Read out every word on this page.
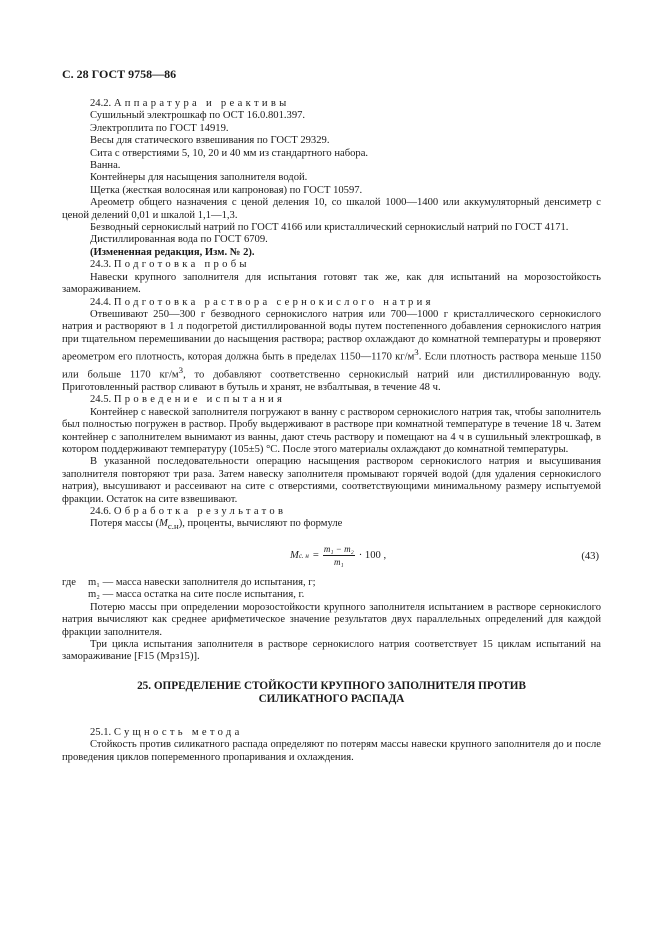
С. 28 ГОСТ 9758—86

24.2. Аппаратура и реактивы

Сушильный электрошкаф по ОСТ 16.0.801.397.

Электроплита по ГОСТ 14919.

Весы для статического взвешивания по ГОСТ 29329.

Сита с отверстиями 5, 10, 20 и 40 мм из стандартного набора.

Ванна.

Контейнеры для насыщения заполнителя водой.

Щетка (жесткая волосяная или капроновая) по ГОСТ 10597.

Ареометр общего назначения с ценой деления 10, со шкалой 1000—1400 или аккумуляторный денсиметр с ценой делений 0,01 и шкалой 1,1—1,3.

Безводный сернокислый натрий по ГОСТ 4166 или кристаллический сернокислый натрий по ГОСТ 4171.

Дистиллированная вода по ГОСТ 6709.

(Измененная редакция, Изм. № 2).

24.3. Подготовка пробы

Навески крупного заполнителя для испытания готовят так же, как для испытаний на морозостойкость замораживанием.

24.4. Подготовка раствора сернокислого натрия

Отвешивают 250—300 г безводного сернокислого натрия или 700—1000 г кристаллического сернокислого натрия и растворяют в 1 л подогретой дистиллированной воды путем постепенного добавления сернокислого натрия при тщательном перемешивании до насыщения раствора; раствор охлаждают до комнатной температуры и проверяют ареометром его плотность, которая должна быть в пределах 1150—1170 $кг/м^3$. Если плотность раствора меньше 1150 или больше 1170 $кг/м^3$, то добавляют соответственно сернокислый натрий или дистиллированную воду. Приготовленный раствор сливают в бутыль и хранят, не взбалтывая, в течение 48 ч.

24.5. Проведение испытания

Контейнер с навеской заполнителя погружают в ванну с раствором сернокислого натрия так, чтобы заполнитель был полностью погружен в раствор. Пробу выдерживают в растворе при комнатной температуре в течение 18 ч. Затем контейнер с заполнителем вынимают из ванны, дают стечь раствору и помещают на 4 ч в сушильный электрошкаф, в котором поддерживают температуру (105±5) °С. После этого материалы охлаждают до комнатной температуры.

В указанной последовательности операцию насыщения раствором сернокислого натрия и высушивания заполнителя повторяют три раза. Затем навеску заполнителя промывают горячей водой (для удаления сернокислого натрия), высушивают и рассеивают на сите с отверстиями, соответствующими минимальному размеру испытуемой фракции. Остаток на сите взвешивают.

24.6. Обработка результатов

Потеря массы $(M_{с.н})$, проценты, вычисляют по формуле

M с. $н = \frac{\text{m₁ − m₂}}{\text{m₁}} \cdot 100$ ,	(43)
где	m₁ — масса навески заполнителя до испытания, г;
m₂ — масса остатка на сите после испытания, г.

Потерю массы при определении морозостойкости крупного заполнителя испытанием в растворе сернокислого натрия вычисляют как среднее арифметическое значение результатов двух параллельных определений для каждой фракции заполнителя.

Три цикла испытания заполнителя в растворе сернокислого натрия соответствует 15 циклам испытаний на замораживание [F15 (Мрз15)].

25. ОПРЕДЕЛЕНИЕ СТОЙКОСТИ КРУПНОГО ЗАПОЛНИТЕЛЯ ПРОТИВ
СИЛИКАТНОГО РАСПАДА

25.1. Сущность метода

Стойкость против силикатного распада определяют по потерям массы навески крупного заполнителя до и после проведения циклов попеременного пропаривания и охлаждения.
